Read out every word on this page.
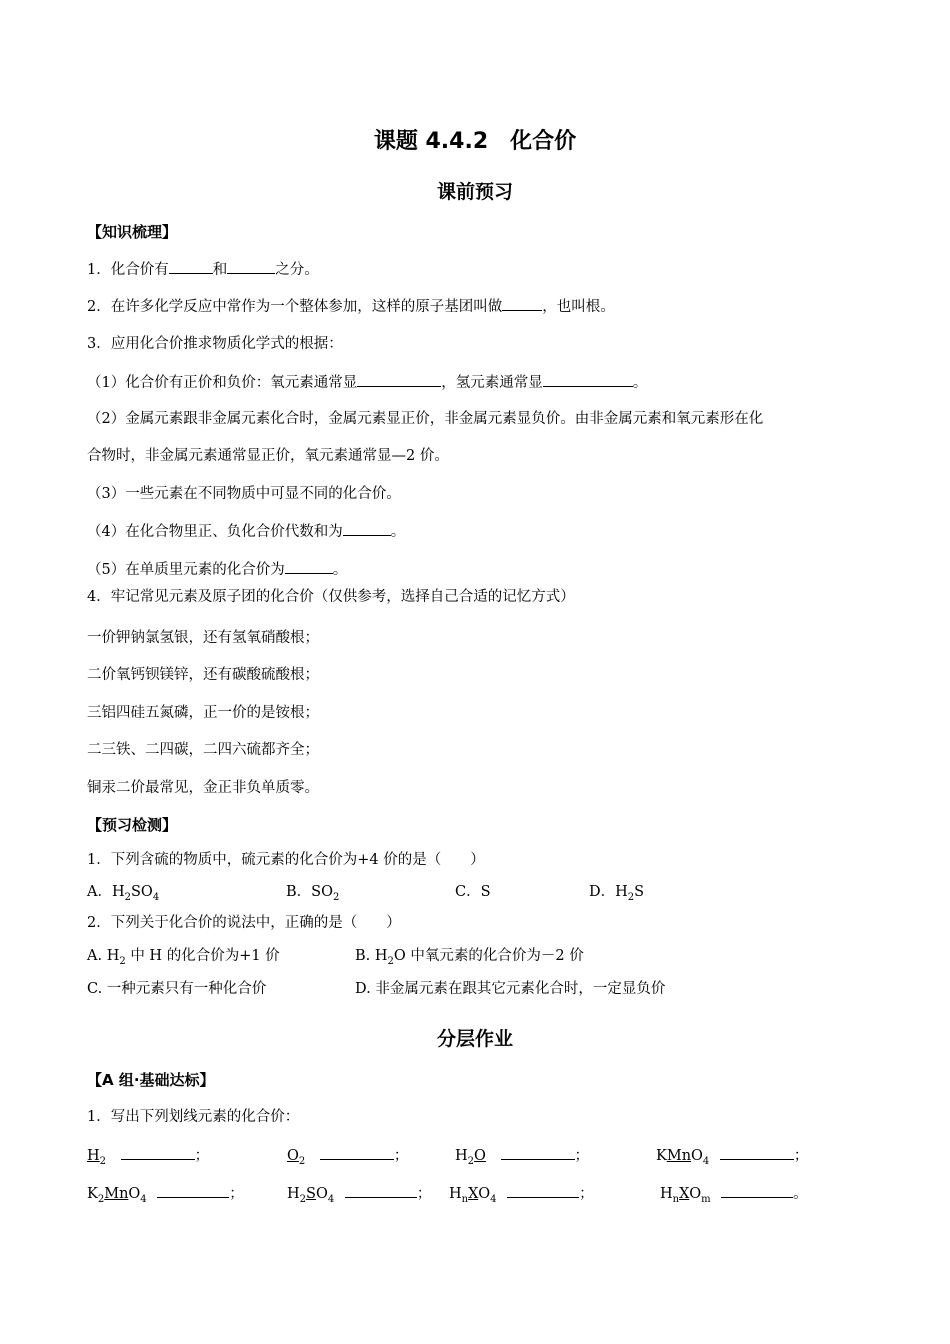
课题 4.4.2　化合价
课前预习
【知识梳理】
1．化合价有	和	之分。
2．在许多化学反应中常作为一个整体参加，这样的原子基团叫做	，也叫根。
3．应用化合价推求物质化学式的根据：
（1）化合价有正价和负价：氧元素通常显	，氢元素通常显	。
（2）金属元素跟非金属元素化合时，金属元素显正价，非金属元素显负价。由非金属元素和氧元素形在化
合物时，非金属元素通常显正价，氧元素通常显—2 价。
（3）一些元素在不同物质中可显不同的化合价。
（4）在化合物里正、负化合价代数和为	。
（5）在单质里元素的化合价为	。
4．牢记常见元素及原子团的化合价（仅供参考，选择自己合适的记忆方式）
一价钾钠氯氢银，还有氢氧硝酸根；
二价氧钙钡镁锌，还有碳酸硫酸根；
三铝四硅五氮磷，正一价的是铵根；
二三铁、二四碳，二四六硫都齐全；
铜汞二价最常见，金正非负单质零。
【预习检测】
1．下列含硫的物质中，硫元素的化合价为+4 价的是（　　）
A．$H_2SO_4$	B．$SO_2$	C．S	D．$H_2S$
2．下列关于化合价的说法中，正确的是（　　）
A. $H_2$ 中 H 的化合价为+1 价	B. $H_2O$ 中氧元素的化合价为－2 价
C. 一种元素只有一种化合价	D. 非金属元素在跟其它元素化合时，一定显负价
分层作业
【A 组·基础达标】
1．写出下列划线元素的化合价：
$H_2$	；	$O_2$	；	$H_2O$	；	KMnO$_4$	；
$K_2MnO_4$	；	$H_2SO_4$	； $H_nXO_4$	；	$H_nXO_m$	。
